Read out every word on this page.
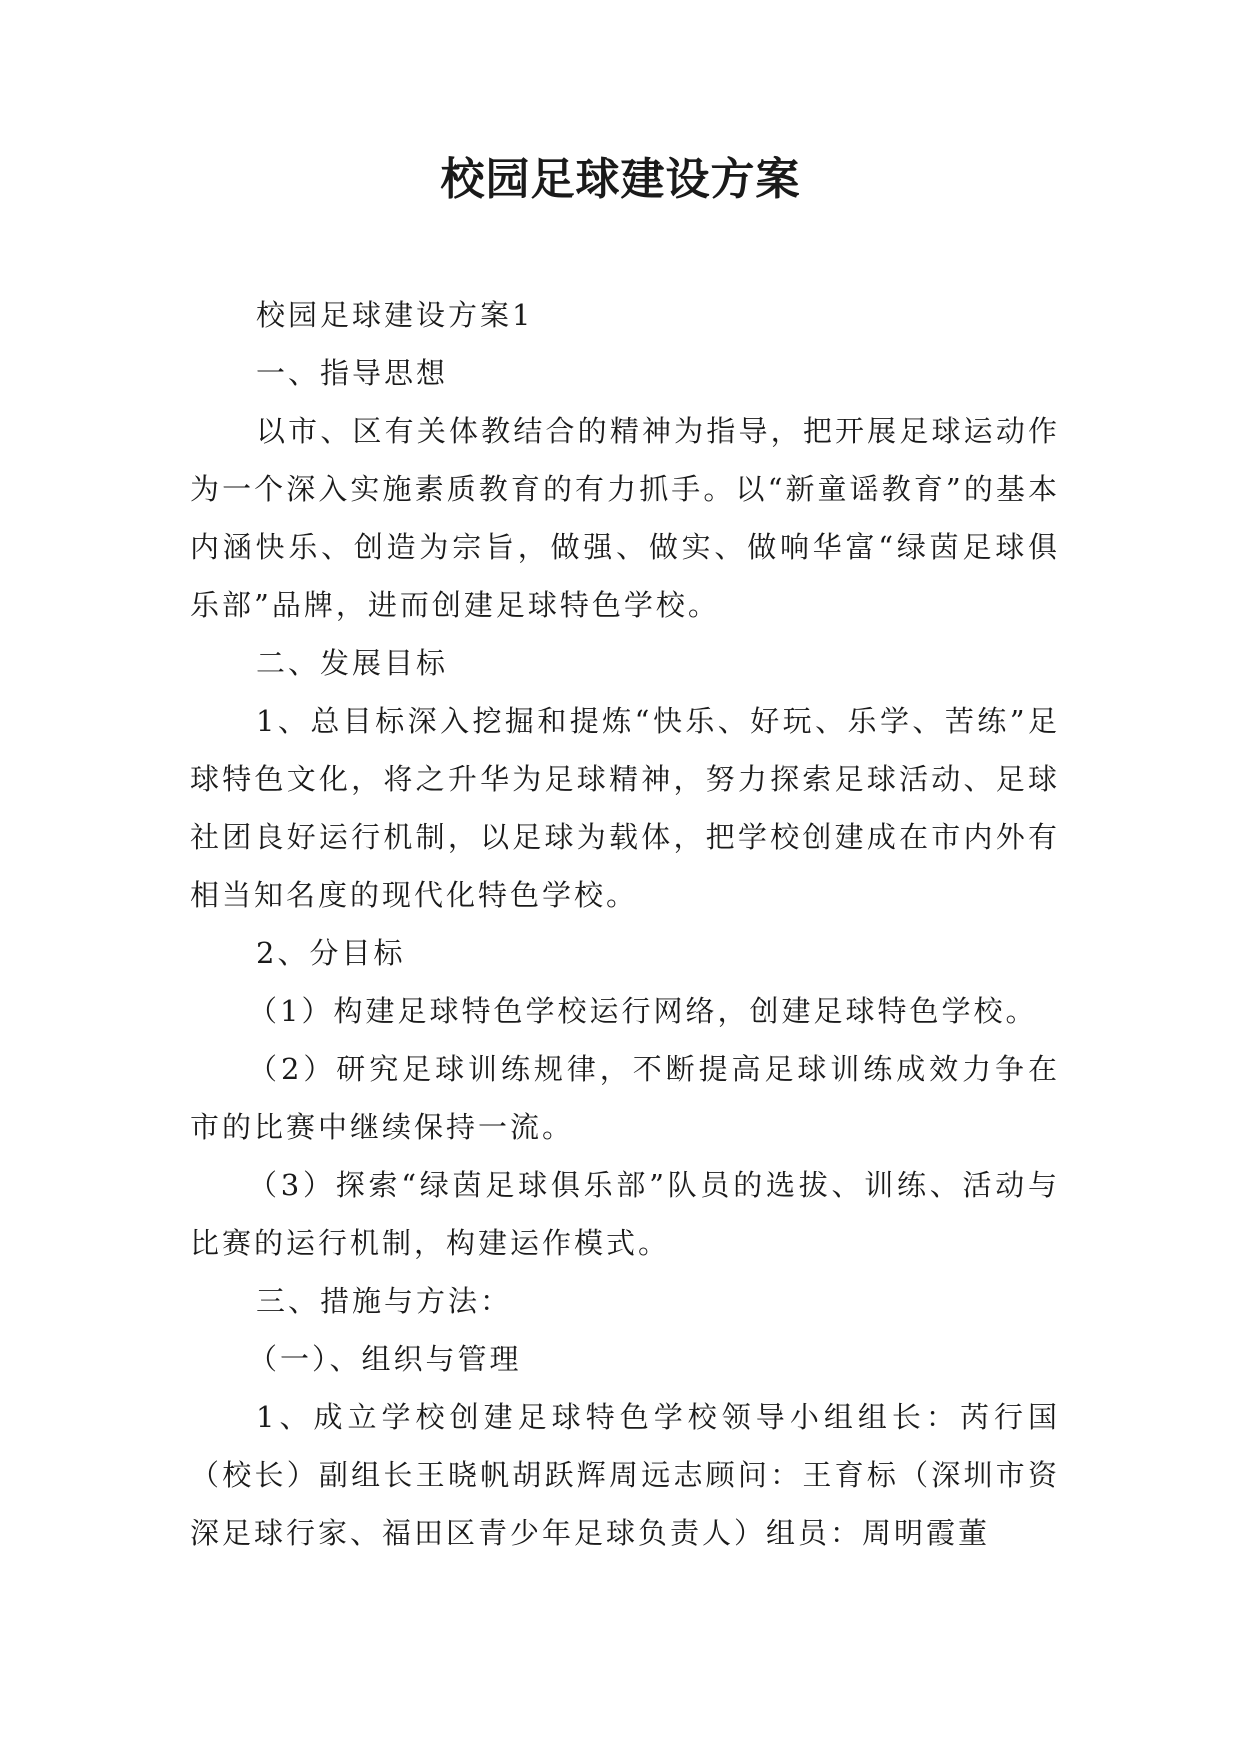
校园足球建设方案

校园足球建设方案1

一、指导思想

以市、区有关体教结合的精神为指导，把开展足球运动作为一个深入实施素质教育的有力抓手。以“新童谣教育”的基本内涵快乐、创造为宗旨，做强、做实、做响华富“绿茵足球俱乐部”品牌，进而创建足球特色学校。

二、发展目标

1、总目标深入挖掘和提炼“快乐、好玩、乐学、苦练”足球特色文化，将之升华为足球精神，努力探索足球活动、足球社团良好运行机制，以足球为载体，把学校创建成在市内外有相当知名度的现代化特色学校。

2、分目标

（1）构建足球特色学校运行网络，创建足球特色学校。

（2）研究足球训练规律，不断提高足球训练成效力争在市的比赛中继续保持一流。

（3）探索“绿茵足球俱乐部”队员的选拔、训练、活动与比赛的运行机制，构建运作模式。

三、措施与方法：

（一）、组织与管理

1、成立学校创建足球特色学校领导小组组长：芮行国（校长）副组长王晓帆胡跃辉周远志顾问：王育标（深圳市资深足球行家、福田区青少年足球负责人）组员：周明霞董
